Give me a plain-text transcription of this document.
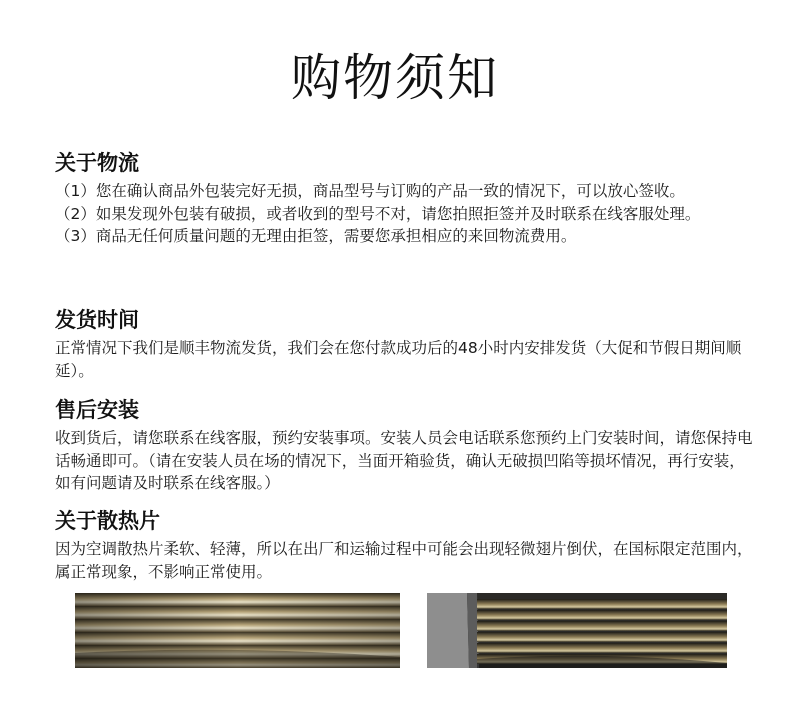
购物须知
关于物流

（1）您在确认商品外包装完好无损，商品型号与订购的产品一致的情况下，可以放心签收。

（2）如果发现外包装有破损，或者收到的型号不对，请您拍照拒签并及时联系在线客服处理。

（3）商品无任何质量问题的无理由拒签，需要您承担相应的来回物流费用。

发货时间

正常情况下我们是顺丰物流发货，我们会在您付款成功后的48小时内安排发货（大促和节假日期间顺延）。

售后安装

收到货后，请您联系在线客服，预约安装事项。安装人员会电话联系您预约上门安装时间，请您保持电话畅通即可。（请在安装人员在场的情况下，当面开箱验货，确认无破损凹陷等损坏情况，再行安装，如有问题请及时联系在线客服。）

关于散热片

因为空调散热片柔软、轻薄，所以在出厂和运输过程中可能会出现轻微翅片倒伏，在国标限定范围内，属正常现象，不影响正常使用。
